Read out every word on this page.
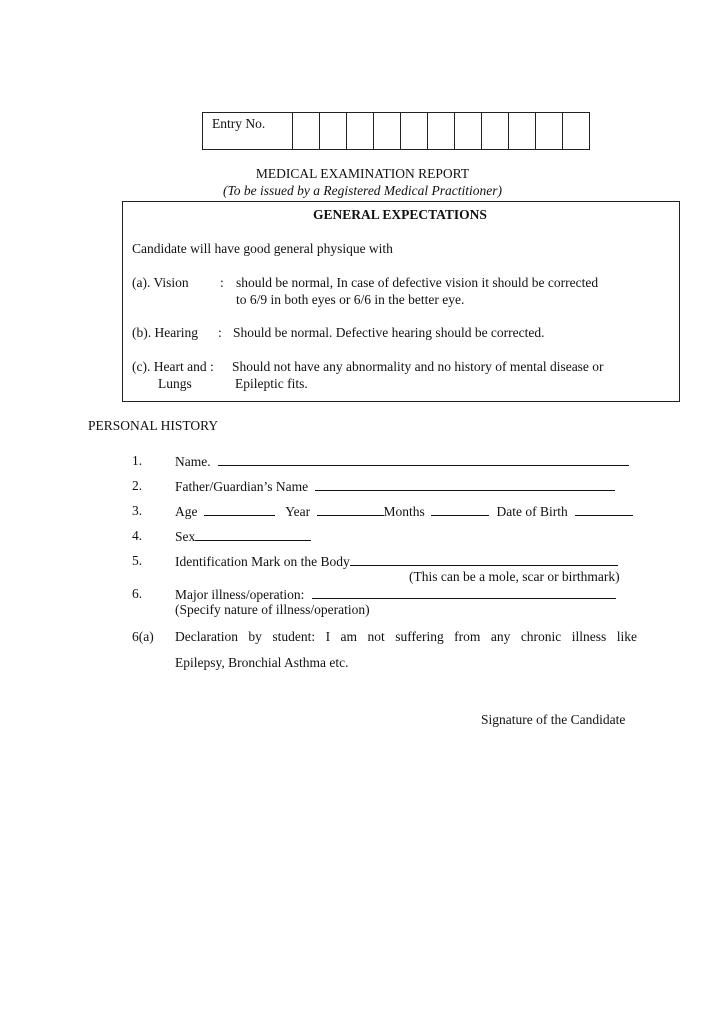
Entry No.											
MEDICAL EXAMINATION REPORT
(To be issued by a Registered Medical Practitioner)
GENERAL EXPECTATIONS
Candidate will have good general physique with
(a). Vision : should be normal, In case of defective vision it should be corrected
to 6/9 in both eyes or 6/6 in the better eye.
(b). Hearing : Should be normal. Defective hearing should be corrected.
(c). Heart and : Should not have any abnormality and no history of mental disease or
Lungs	Epileptic fits.
PERSONAL HISTORY
1. Name.
2. Father/Guardian’s Name
3. Age	Year	Months	Date of Birth
4. Sex
5. Identification Mark on the Body
(This can be a mole, scar or birthmark)
6. Major illness/operation:
(Specify nature of illness/operation)
6(a) Declaration by student: I am not suffering from any chronic illness like
Epilepsy, Bronchial Asthma etc.
Signature of the Candidate
